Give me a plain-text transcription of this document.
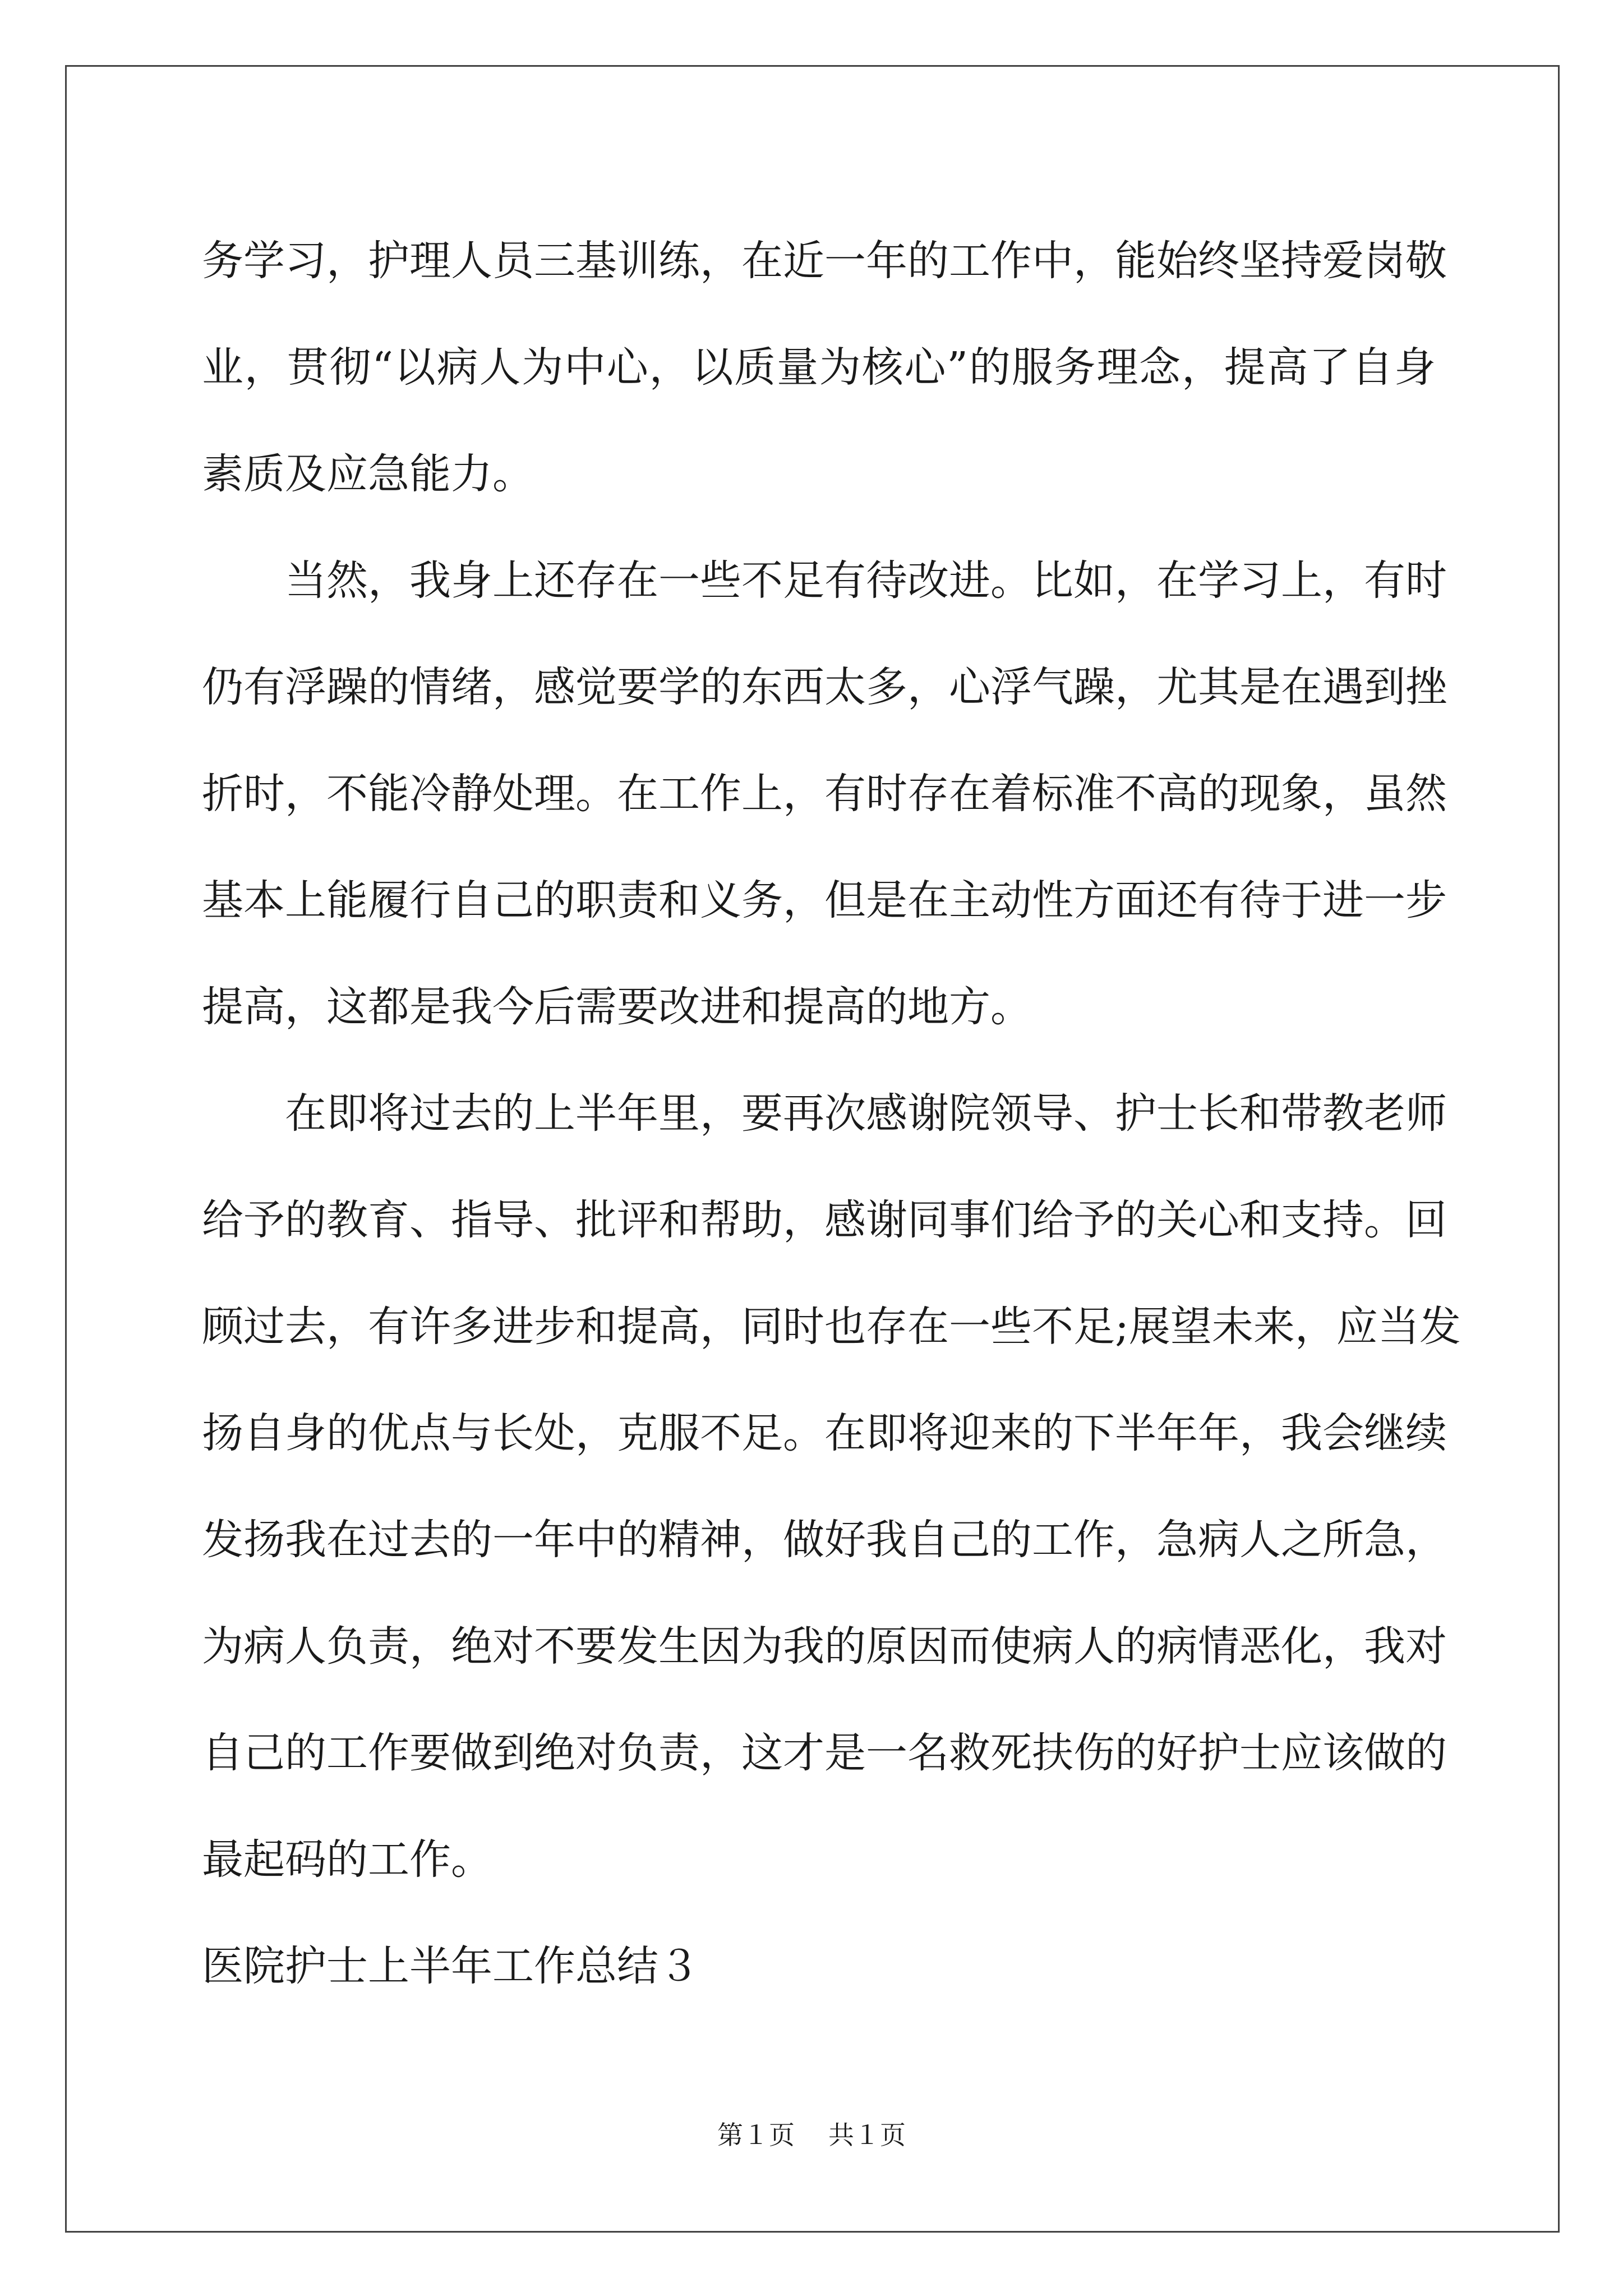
务学习，护理人员三基训练，在近一年的工作中，能始终坚持爱岗敬
业，贯彻“以病人为中心，以质量为核心”的服务理念，提高了自身
素质及应急能力。
当然，我身上还存在一些不足有待改进。比如，在学习上，有时
仍有浮躁的情绪，感觉要学的东西太多，心浮气躁，尤其是在遇到挫
折时，不能冷静处理。在工作上，有时存在着标准不高的现象，虽然
基本上能履行自己的职责和义务，但是在主动性方面还有待于进一步
提高，这都是我今后需要改进和提高的地方。
在即将过去的上半年里，要再次感谢院领导、护士长和带教老师
给予的教育、指导、批评和帮助，感谢同事们给予的关心和支持。回
顾过去，有许多进步和提高，同时也存在一些不足;展望未来，应当发
扬自身的优点与长处，克服不足。在即将迎来的下半年年，我会继续
发扬我在过去的一年中的精神，做好我自己的工作，急病人之所急，
为病人负责，绝对不要发生因为我的原因而使病人的病情恶化，我对
自己的工作要做到绝对负责，这才是一名救死扶伤的好护士应该做的
最起码的工作。
医院护士上半年工作总结３
第１页 共１页
